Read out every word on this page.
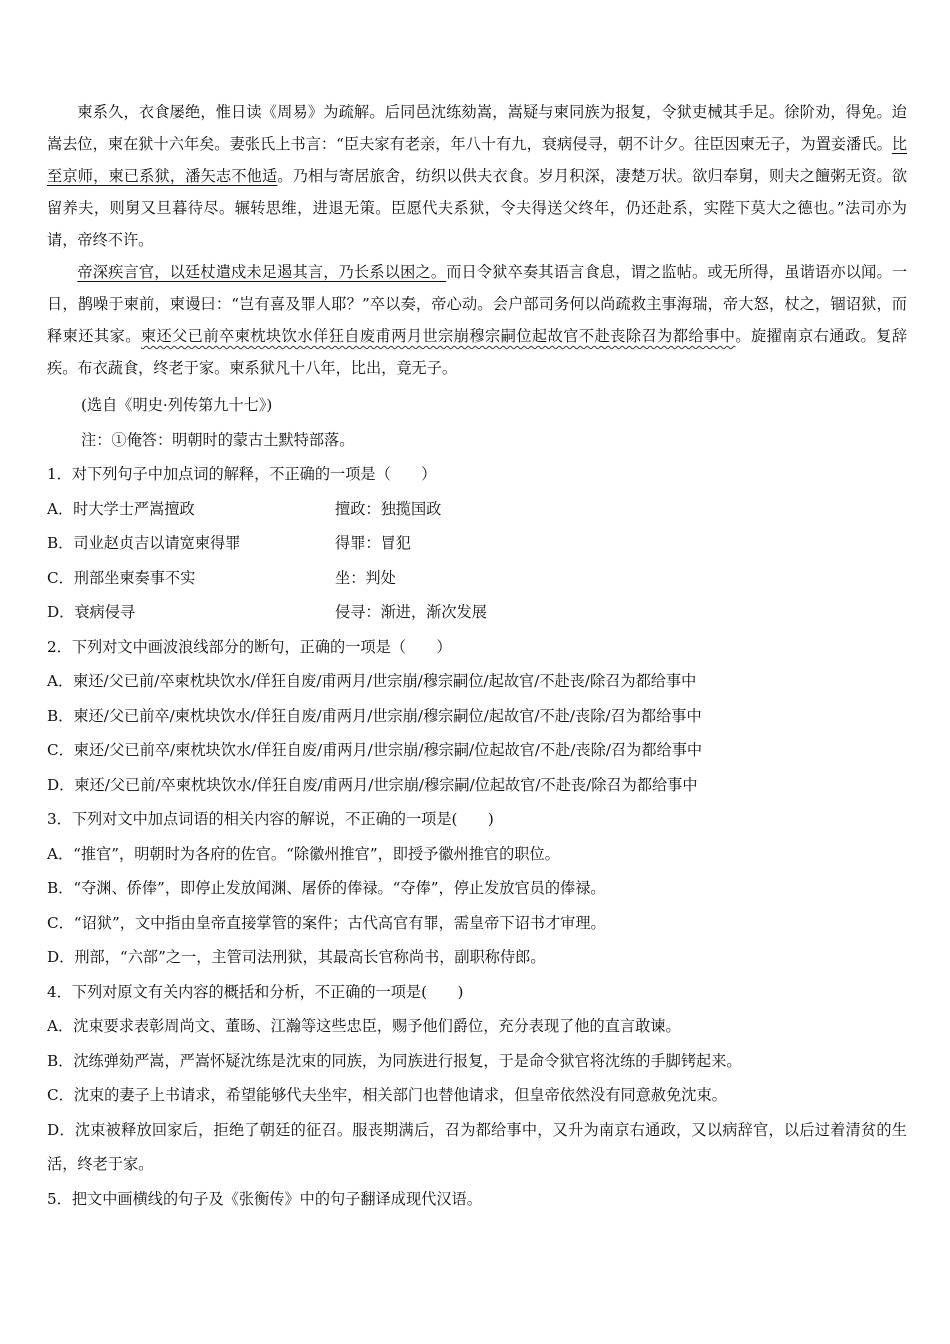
柬系久，衣食屡绝，惟日读《周易》为疏解。后同邑沈练劾嵩，嵩疑与柬同族为报复，令狱吏械其手足。徐阶劝，得免。迨嵩去位，柬在狱十六年矣。妻张氏上书言：“臣夫家有老亲，年八十有九，衰病侵寻，朝不计夕。往臣因柬无子，为置妾潘氏。比至京师，柬已系狱，潘矢志不他适。乃相与寄居旅舍，纺织以供夫衣食。岁月积深，凄楚万状。欲归奉舅，则夫之饘粥无资。欲留养夫，则舅又旦暮待尽。辗转思维，进退无策。臣愿代夫系狱，令夫得送父终年，仍还赴系，实陛下莫大之德也。”法司亦为请，帝终不许。

帝深疾言官，以廷杖遣戍未足遏其言，乃长系以困之。而日令狱卒奏其语言食息，谓之监帖。或无所得，虽谐语亦以闻。一日，鹊噪于柬前，柬谩曰：“岂有喜及罪人耶？”卒以奏，帝心动。会户部司务何以尚疏救主事海瑞，帝大怒，杖之，锢诏狱，而释柬还其家。柬还父已前卒柬枕块饮水佯狂自废甫两月世宗崩穆宗嗣位起故官不赴丧除召为都给事中。旋擢南京右通政。复辞疾。布衣蔬食，终老于家。柬系狱凡十八年，比出，竟无子。

(选自《明史·列传第九十七》)

注：①俺答：明朝时的蒙古土默特部落。

1．对下列句子中加点词的解释，不正确的一项是（　　）

A．时大学士严嵩擅政	擅政：独揽国政
B．司业赵贞吉以请宽柬得罪	得罪：冒犯
C．刑部坐柬奏事不实	坐：判处
D．衰病侵寻	侵寻：渐进，渐次发展

2．下列对文中画波浪线部分的断句，正确的一项是（　　）

A．柬还/父已前/卒柬枕块饮水/佯狂自废/甫两月/世宗崩/穆宗嗣位/起故官/不赴丧/除召为都给事中

B．柬还/父已前卒/柬枕块饮水/佯狂自废/甫两月/世宗崩/穆宗嗣位/起故官/不赴/丧除/召为都给事中

C．柬还/父已前卒/柬枕块饮水/佯狂自废/甫两月/世宗崩/穆宗嗣/位起故官/不赴/丧除/召为都给事中

D．柬还/父已前/卒柬枕块饮水/佯狂自废/甫两月/世宗崩/穆宗嗣/位起故官/不赴丧/除召为都给事中

3．下列对文中加点词语的相关内容的解说，不正确的一项是(　　)

A．“推官”，明朝时为各府的佐官。“除徽州推官”，即授予徽州推官的职位。

B．“夺渊、侨俸”，即停止发放闻渊、屠侨的俸禄。“夺俸”，停止发放官员的俸禄。

C．“诏狱”，文中指由皇帝直接掌管的案件；古代高官有罪，需皇帝下诏书才审理。

D．刑部，“六部”之一，主管司法刑狱，其最高长官称尚书，副职称侍郎。

4．下列对原文有关内容的概括和分析，不正确的一项是(　　)

A．沈束要求表彰周尚文、董旸、江瀚等这些忠臣，赐予他们爵位，充分表现了他的直言敢谏。

B．沈练弹劾严嵩，严嵩怀疑沈练是沈束的同族，为同族进行报复，于是命令狱官将沈练的手脚铐起来。

C．沈束的妻子上书请求，希望能够代夫坐牢，相关部门也替他请求，但皇帝依然没有同意赦免沈束。

D．沈束被释放回家后，拒绝了朝廷的征召。服丧期满后，召为都给事中，又升为南京右通政，又以病辞官，以后过着清贫的生活，终老于家。

5．把文中画横线的句子及《张衡传》中的句子翻译成现代汉语。
